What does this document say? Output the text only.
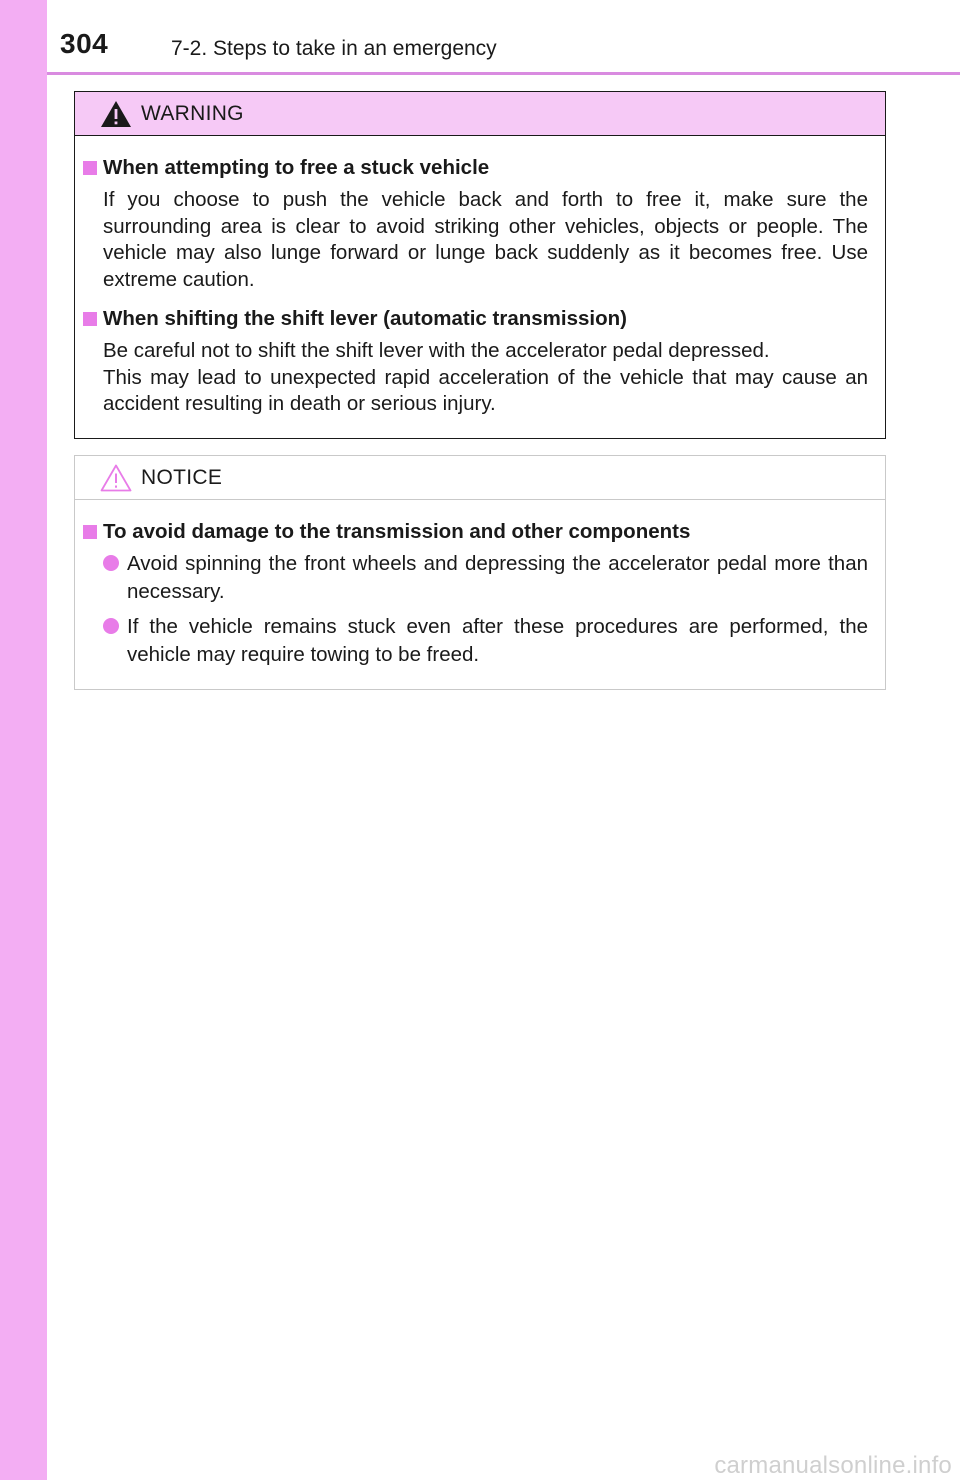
304	7-2. Steps to take in an emergency
WARNING
When attempting to free a stuck vehicle

If you choose to push the vehicle back and forth to free it, make sure the surrounding area is clear to avoid striking other vehicles, objects or people. The vehicle may also lunge forward or lunge back suddenly as it becomes free. Use extreme caution.

When shifting the shift lever (automatic transmission)

Be careful not to shift the shift lever with the accelerator pedal depressed.

This may lead to unexpected rapid acceleration of the vehicle that may cause an accident resulting in death or serious injury.

NOTICE
To avoid damage to the transmission and other components
Avoid spinning the front wheels and depressing the accelerator pedal more than necessary.
If the vehicle remains stuck even after these procedures are performed, the vehicle may require towing to be freed.
carmanualsonline.info
